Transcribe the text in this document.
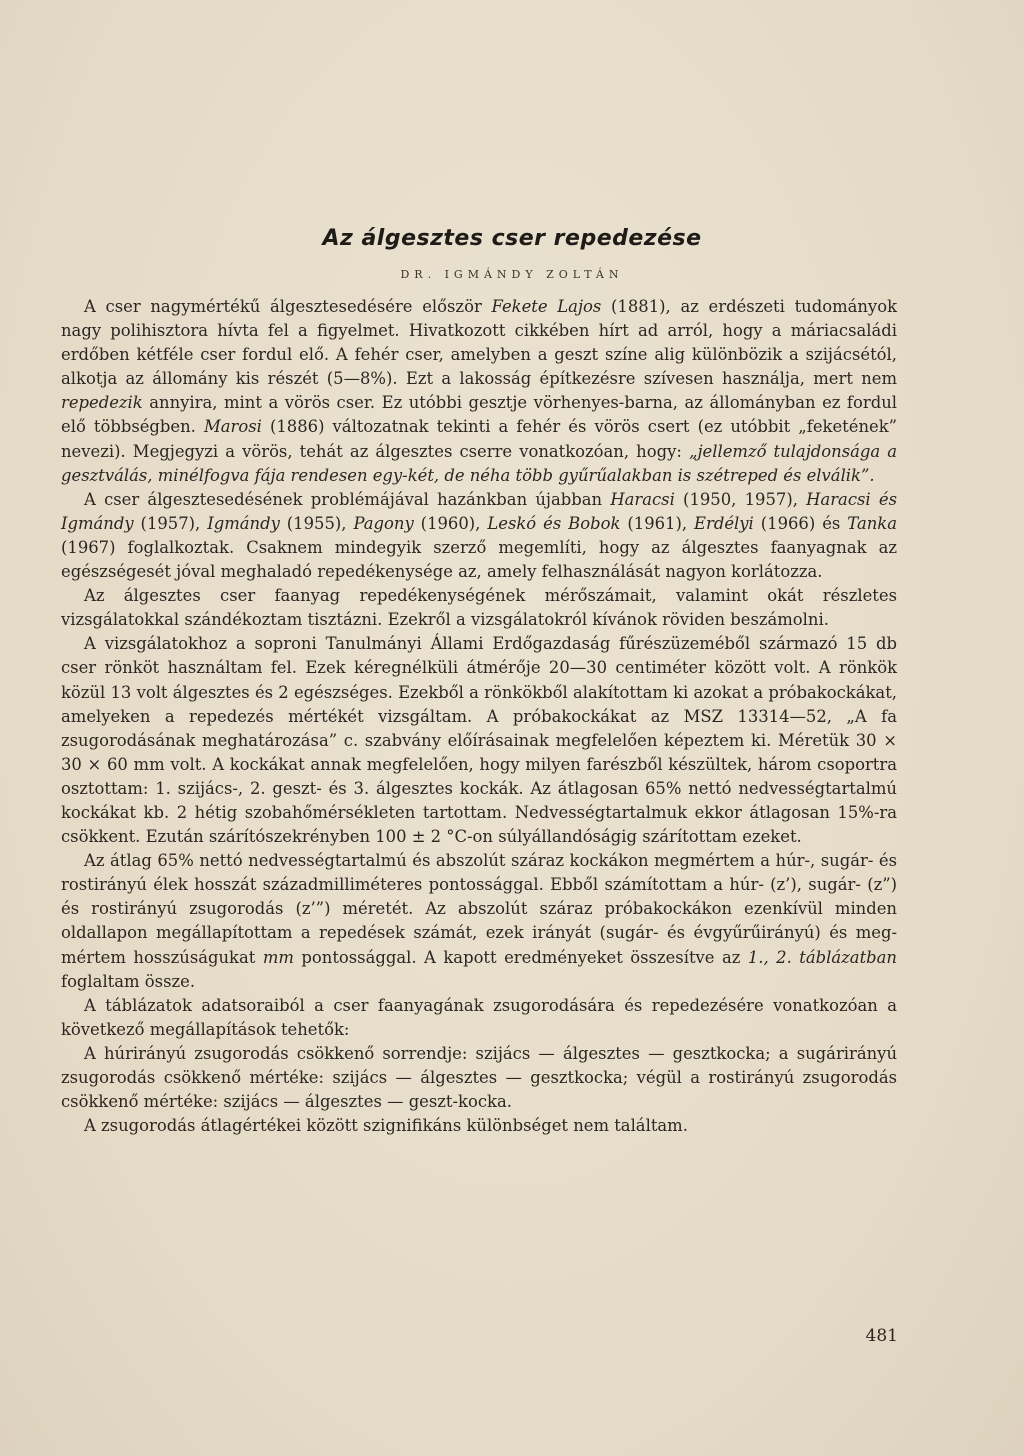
Az álgesztes cser repedezése
DR. IGMÁNDY ZOLTÁN

A cser nagymértékű álgesztesedésére először Fekete Lajos (1881), az erdészeti tudományok nagy polihisztora hívta fel a figyelmet. Hivatkozott cikkében hírt ad arról, hogy a máriacsaládi erdőben kétféle cser fordul elő. A fehér cser, amelyben a geszt színe alig különbözik a szijácsétól, alkotja az állomány kis részét (5—8%). Ezt a lakosság építkezésre szívesen használja, mert nem repedezik annyira, mint a vörös cser. Ez utóbbi gesztje vörhenyes-barna, az állományban ez fordul elő többségben. Marosi (1886) változatnak tekinti a fehér és vörös csert (ez utóbbit „feketének” nevezi). Megjegyzi a vörös, tehát az álgesztes cserre vonatkozóan, hogy: „jellemző tulajdonsága a gesztválás, minélfogva fája rendesen egy-két, de néha több gyűrűalakban is szétreped és elválik”.

A cser álgesztesedésének problémájával hazánkban újabban Haracsi (1950, 1957), Haracsi és Igmándy (1957), Igmándy (1955), Pagony (1960), Leskó és Bobok (1961), Erdélyi (1966) és Tanka (1967) foglalkoztak. Csaknem mindegyik szerző megemlíti, hogy az álgesztes faanyagnak az egészségesét jóval meghaladó repedékenysége az, amely felhasználását nagyon korlátozza.

Az álgesztes cser faanyag repedékenységének mérőszámait, valamint okát részletes vizsgálatokkal szándékoztam tisztázni. Ezekről a vizsgálatokról kívánok röviden beszámolni.

A vizsgálatokhoz a soproni Tanulmányi Állami Erdőgazdaság fűrészüzeméből származó 15 db cser rönköt használtam fel. Ezek kéregnélküli átmérője 20—30 centiméter között volt. A rönkök közül 13 volt álgesztes és 2 egészséges. Ezekből a rönkökből alakítottam ki azokat a próbakockákat, amelyeken a repedezés mértékét vizsgáltam. A próbakockákat az MSZ 13314—52, „A fa zsugorodásának meghatározása” c. szabvány előírásainak megfelelően képeztem ki. Méretük 30 × 30 × 60 mm volt. A kockákat annak megfelelően, hogy milyen farészből készültek, három csoportra osztottam: 1. szijács-, 2. geszt- és 3. álgesztes kockák. Az átlagosan 65% nettó nedvességtartalmú kockákat kb. 2 hétig szobahőmérsékleten tartottam. Nedvességtartalmuk ekkor átlagosan 15%-ra csökkent. Ezután szárítószekrényben 100 ± 2 °C-on súlyállandóságig szárítottam ezeket.

Az átlag 65% nettó nedvességtartalmú és abszolút száraz kockákon megmértem a húr-, sugár- és rostirányú élek hosszát századmilliméteres pontossággal. Ebből számítottam a húr- (z’), sugár- (z”) és rostirányú zsugorodás (z’”) méretét. Az abszolút száraz próbakockákon ezenkívül minden oldallapon megállapítottam a repedések számát, ezek irányát (sugár- és évgyűrűirányú) és megmértem hosszúságukat mm pontossággal. A kapott eredményeket összesítve az 1., 2. táblázatban foglaltam össze.

A táblázatok adatsoraiból a cser faanyagának zsugorodására és repedezésére vonatkozóan a következő megállapítások tehetők:

A húrirányú zsugorodás csökkenő sorrendje: szijács — álgesztes — gesztkocka; a sugárirányú zsugorodás csökkenő mértéke: szijács — álgesztes — gesztkocka; végül a rostirányú zsugorodás csökkenő mértéke: szijács — álgesztes — geszt-kocka.

A zsugorodás átlagértékei között szignifikáns különbséget nem találtam.

481
